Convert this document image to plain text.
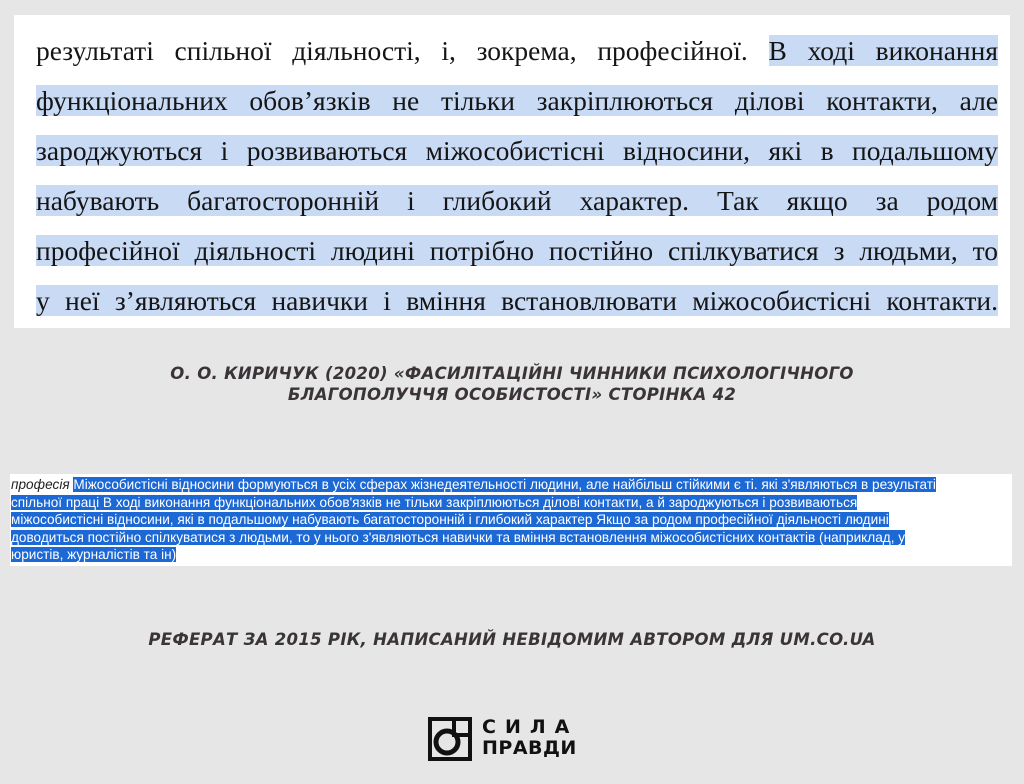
результаті спільної діяльності, і, зокрема, професійної. В ході виконання
функціональних обов’язків не тільки закріплюються ділові контакти, але
зароджуються і розвиваються міжособистісні відносини, які в подальшому
набувають багатосторонній і глибокий характер. Так якщо за родом
професійної діяльності людині потрібно постійно спілкуватися з людьми, то
у неї з’являються навички і вміння встановлювати міжособистісні контакти.
О. О. КИРИЧУК (2020) «ФАСИЛІТАЦІЙНІ ЧИННИКИ ПСИХОЛОГІЧНОГО
БЛАГОПОЛУЧЧЯ ОСОБИСТОСТІ» СТОРІНКА 42
професія Міжособистісні відносини формуються в усіх сферах жізнедеятельності людини, але найбільш стійкими є ті. які з'являються в результаті
спільної праці В ході виконання функціональних обов'язків не тільки закріплюються ділові контакти, а й зароджуються і розвиваються
міжособистісні відносини, які в подальшому набувають багатосторонній і глибокий характер Якщо за родом професійної діяльності людині
доводиться постійно спілкуватися з людьми, то у нього з'являються навички та вміння встановлення міжособистісних контактів (наприклад, у
юристів, журналістів та ін)
РЕФЕРАТ ЗА 2015 РІК, НАПИСАНИЙ НЕВІДОМИМ АВТОРОМ ДЛЯ UM.CO.UA
СИЛА
ПРАВДИ
